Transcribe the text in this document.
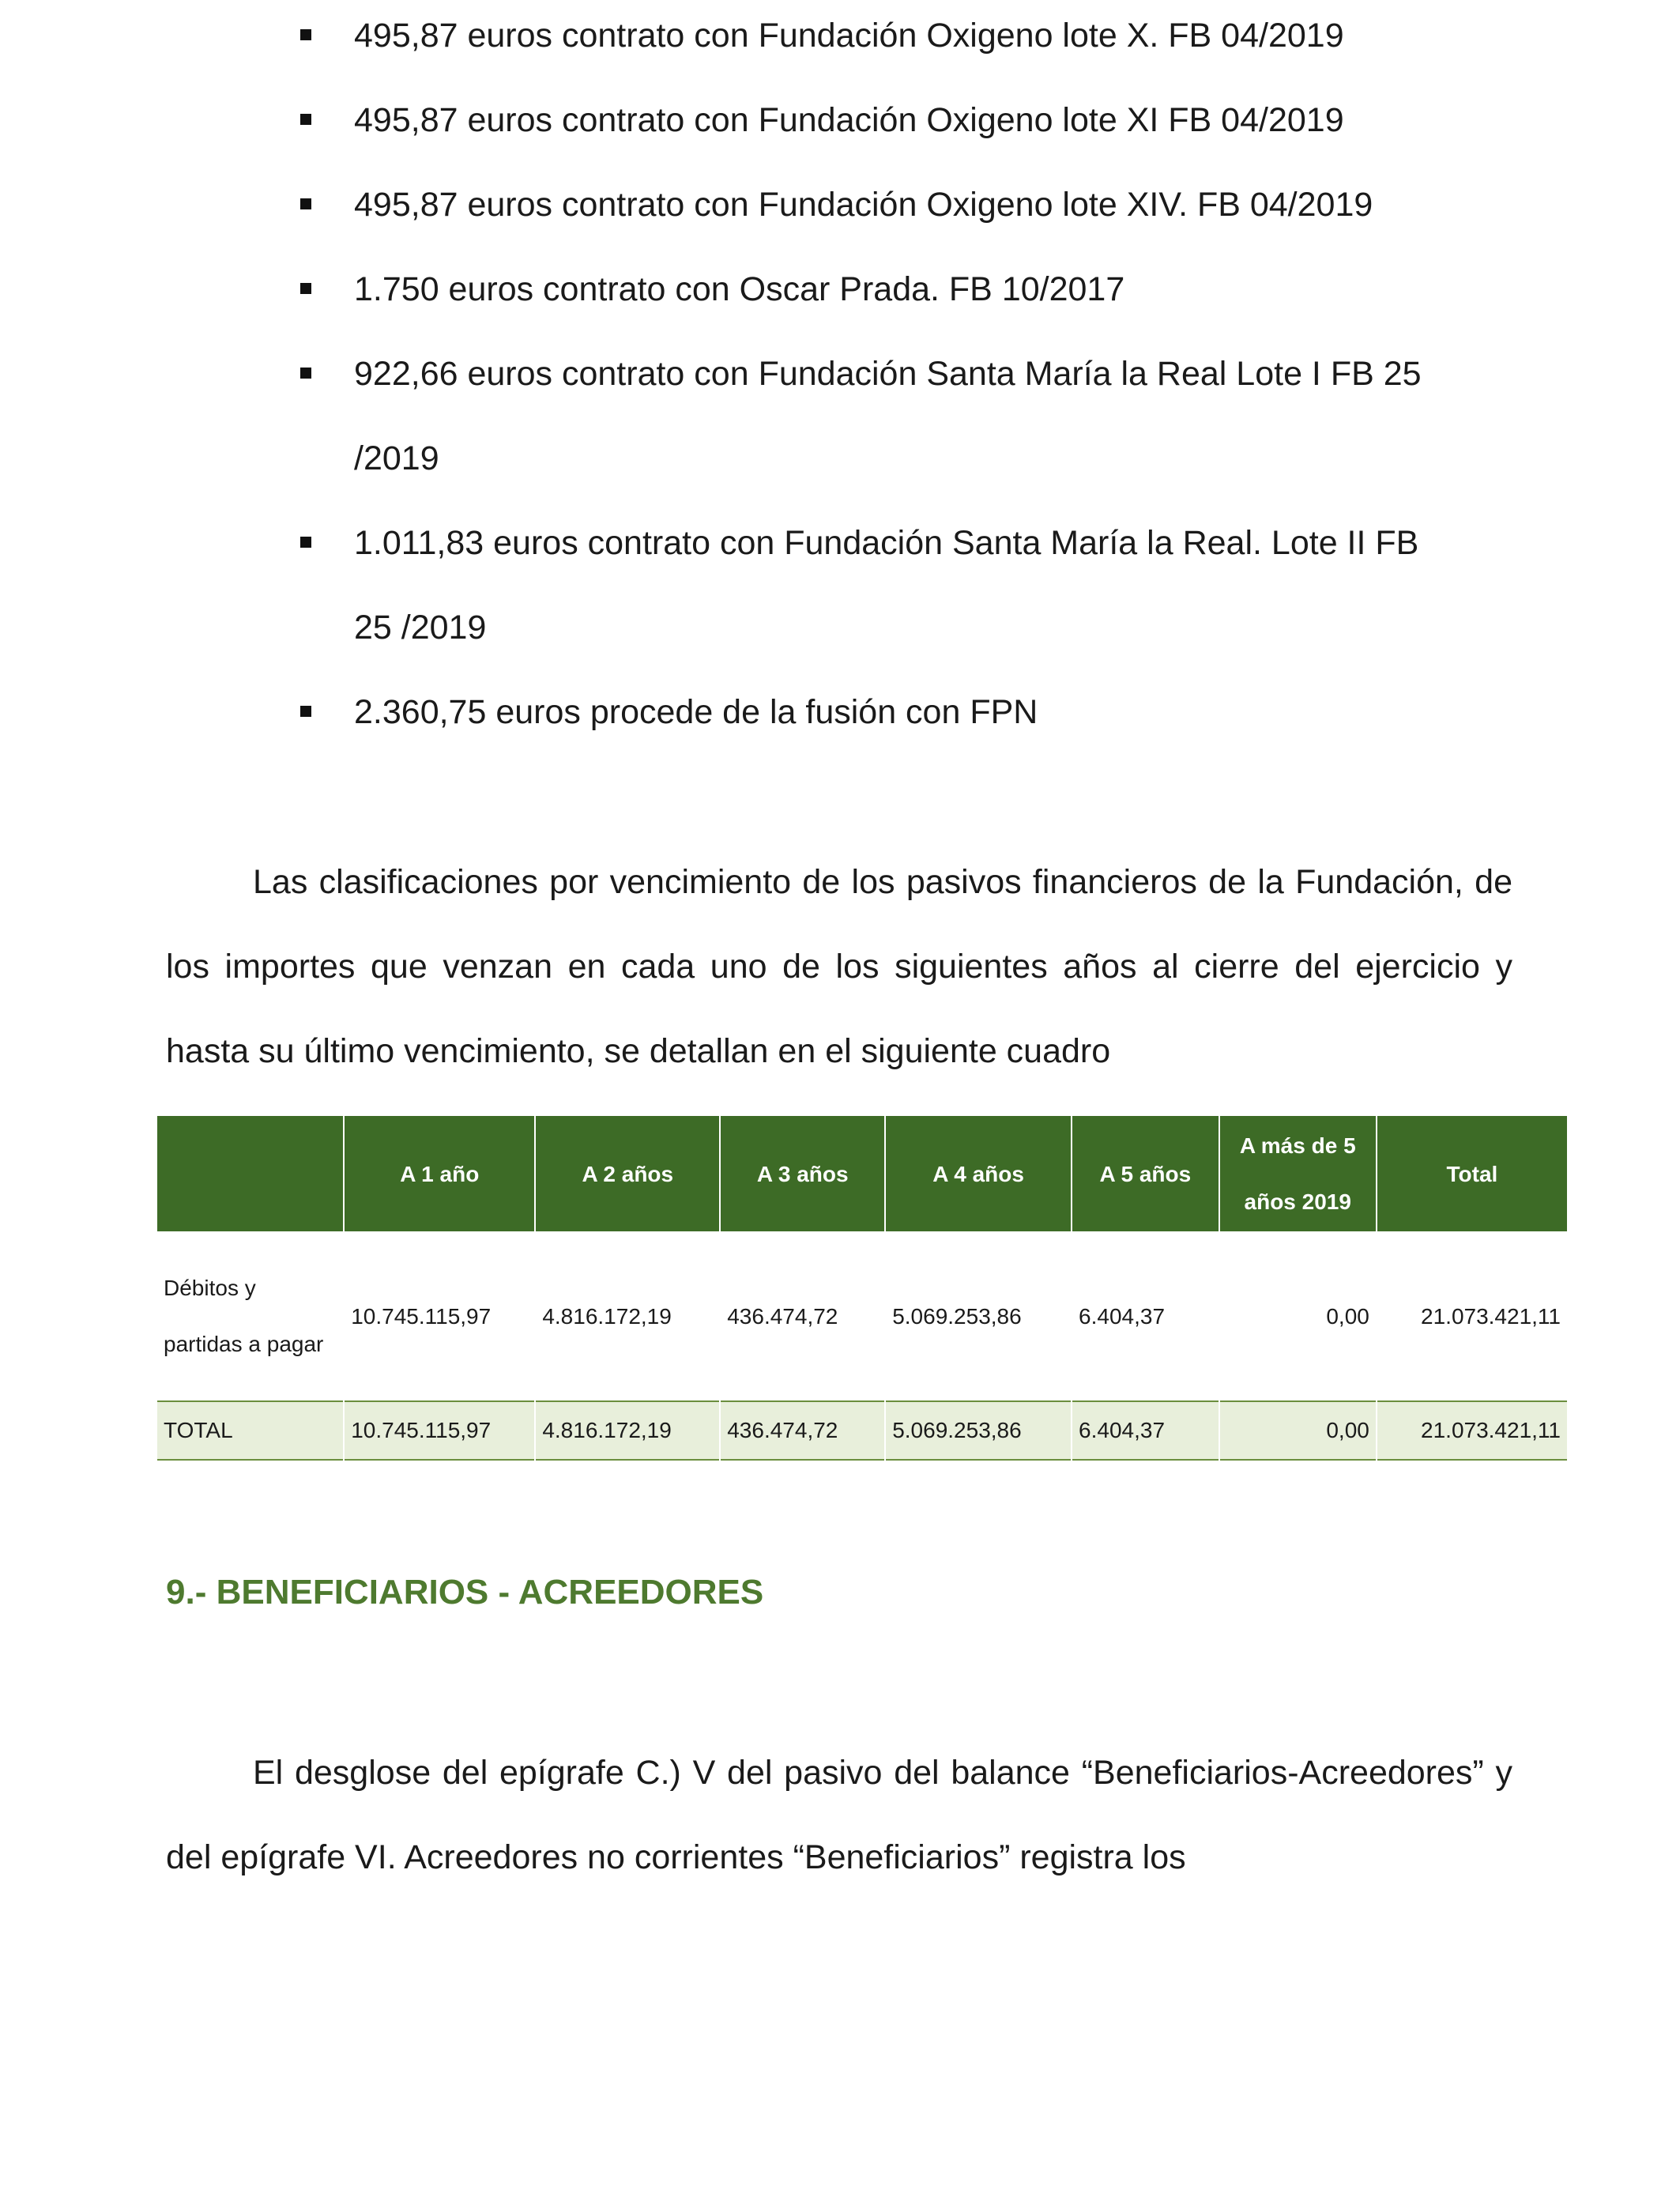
495,87 euros contrato con Fundación Oxigeno lote X. FB 04/2019
495,87 euros contrato con Fundación Oxigeno lote XI FB 04/2019
495,87 euros contrato con Fundación Oxigeno lote XIV. FB 04/2019
1.750 euros contrato con Oscar Prada. FB 10/2017
922,66 euros contrato con Fundación Santa María la Real Lote I FB 25
/2019
1.011,83 euros contrato con Fundación Santa María la Real. Lote II FB
25 /2019
2.360,75 euros procede de la fusión con FPN

Las clasificaciones por vencimiento de los pasivos financieros de la Fundación, de los importes que venzan en cada uno de los siguientes años al cierre del ejercicio y hasta su último vencimiento, se detallan en el siguiente cuadro

	A 1 año	A 2 años	A 3 años	A 4 años	A 5 años	A más de 5 años 2019	Total
Débitos y partidas a pagar	10.745.115,97	4.816.172,19	436.474,72	5.069.253,86	6.404,37	0,00	21.073.421,11
TOTAL	10.745.115,97	4.816.172,19	436.474,72	5.069.253,86	6.404,37	0,00	21.073.421,11
9.- BENEFICIARIOS - ACREEDORES

El desglose del epígrafe C.) V del pasivo del balance “Beneficiarios-Acreedores” y del epígrafe VI. Acreedores no corrientes “Beneficiarios” registra los
